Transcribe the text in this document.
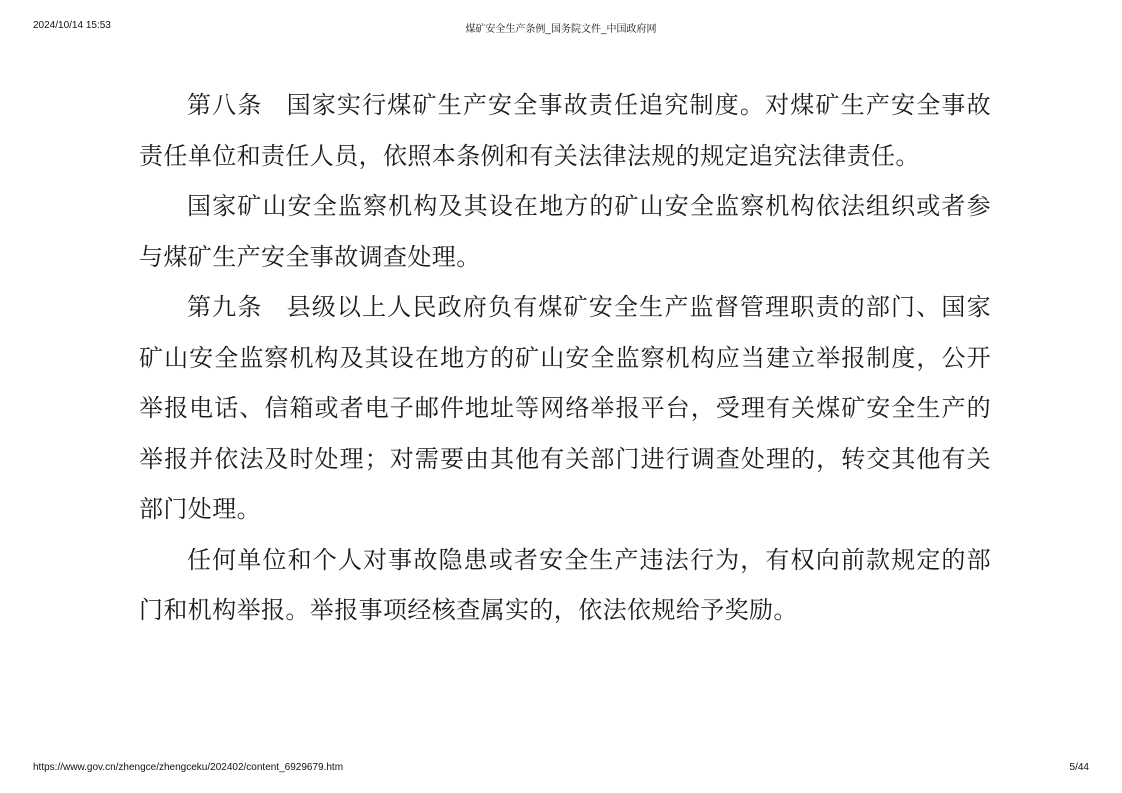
2024/10/14 15:53	煤矿安全生产条例_国务院文件_中国政府网

第八条 国家实行煤矿生产安全事故责任追究制度。对煤矿生产安全事故责任单位和责任人员，依照本条例和有关法律法规的规定追究法律责任。

国家矿山安全监察机构及其设在地方的矿山安全监察机构依法组织或者参与煤矿生产安全事故调查处理。

第九条 县级以上人民政府负有煤矿安全生产监督管理职责的部门、国家矿山安全监察机构及其设在地方的矿山安全监察机构应当建立举报制度，公开举报电话、信箱或者电子邮件地址等网络举报平台，受理有关煤矿安全生产的举报并依法及时处理；对需要由其他有关部门进行调查处理的，转交其他有关部门处理。

任何单位和个人对事故隐患或者安全生产违法行为，有权向前款规定的部门和机构举报。举报事项经核查属实的，依法依规给予奖励。

https://www.gov.cn/zhengce/zhengceku/202402/content_6929679.htm	5/44
